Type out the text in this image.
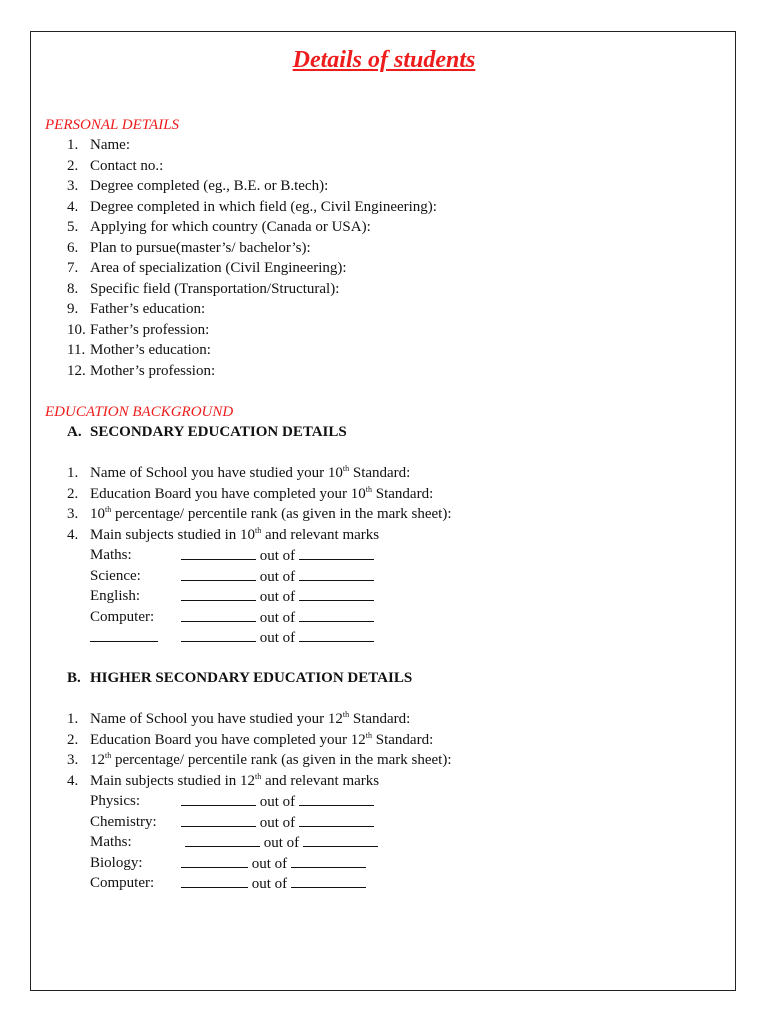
Details of students
PERSONAL DETAILS
1. Name:
2. Contact no.:
3. Degree completed (eg., B.E. or B.tech):
4. Degree completed in which field (eg., Civil Engineering):
5. Applying for which country (Canada or USA):
6. Plan to pursue(master’s/ bachelor’s):
7. Area of specialization (Civil Engineering):
8. Specific field (Transportation/Structural):
9. Father’s education:
10. Father’s profession:
11. Mother’s education:
12. Mother’s profession:
EDUCATION BACKGROUND
A. SECONDARY EDUCATION DETAILS
1. Name of School you have studied your 10th Standard:
2. Education Board you have completed your 10th Standard:
3. 10th percentage/ percentile rank (as given in the mark sheet):
4. Main subjects studied in 10th and relevant marks
Maths:	out of
Science:	out of
English:	out of
Computer:	out of
out of
B. HIGHER SECONDARY EDUCATION DETAILS
1. Name of School you have studied your 12th Standard:
2. Education Board you have completed your 12th Standard:
3. 12th percentage/ percentile rank (as given in the mark sheet):
4. Main subjects studied in 12th and relevant marks
Physics:	out of
Chemistry:	out of
Maths:	out of
Biology:	out of
Computer:	out of
